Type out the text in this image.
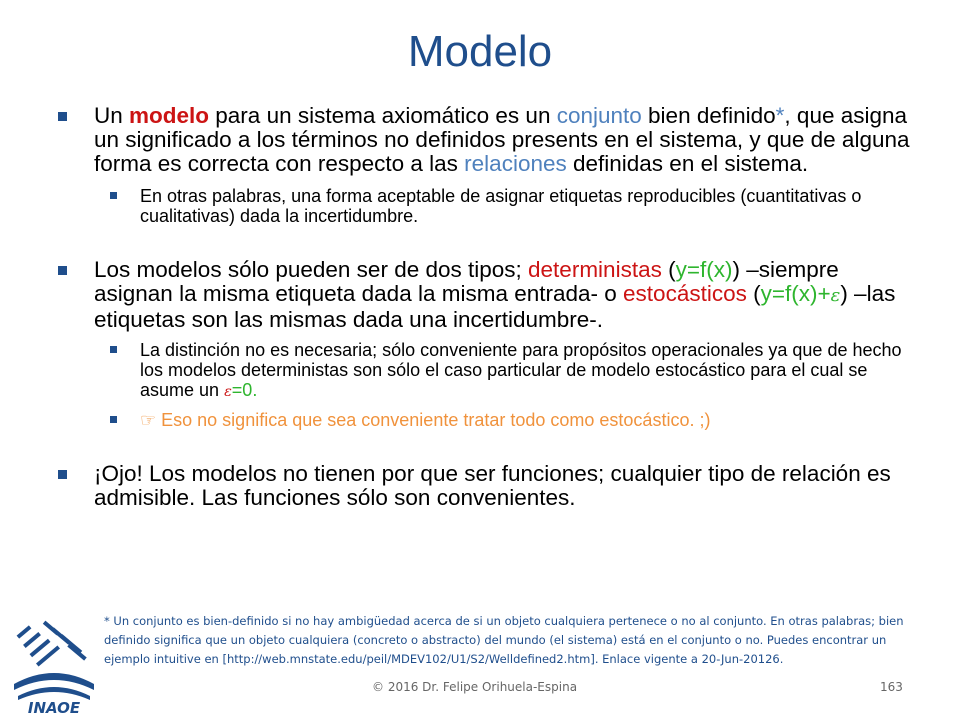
Modelo
Un modelo para un sistema axiomático es un conjunto bien definido*, que asigna un significado a los términos no definidos presents en el sistema, y que de alguna forma es correcta con respecto a las relaciones definidas en el sistema.
En otras palabras, una forma aceptable de asignar etiquetas reproducibles (cuantitativas o cualitativas) dada la incertidumbre.
Los modelos sólo pueden ser de dos tipos; deterministas (y=f(x)) –siempre asignan la misma etiqueta dada la misma entrada- o estocásticos (y=f(x)+ε) –las etiquetas son las mismas dada una incertidumbre-.
La distinción no es necesaria; sólo conveniente para propósitos operacionales ya que de hecho los modelos deterministas son sólo el caso particular de modelo estocástico para el cual se asume un ε=0.
☞ Eso no significa que sea conveniente tratar todo como estocástico. ;)
¡Ojo! Los modelos no tienen por que ser funciones; cualquier tipo de relación es admisible. Las funciones sólo son convenientes.
* Un conjunto es bien-definido si no hay ambigüedad acerca de si un objeto cualquiera pertenece o no al conjunto. En otras palabras; bien definido significa que un objeto cualquiera (concreto o abstracto) del mundo (el sistema) está en el conjunto o no. Puedes encontrar un ejemplo intuitive en [http://web.mnstate.edu/peil/MDEV102/U1/S2/Welldefined2.htm]. Enlace vigente a 20-Jun-20126.
INAOE
© 2016 Dr. Felipe Orihuela-Espina	163
